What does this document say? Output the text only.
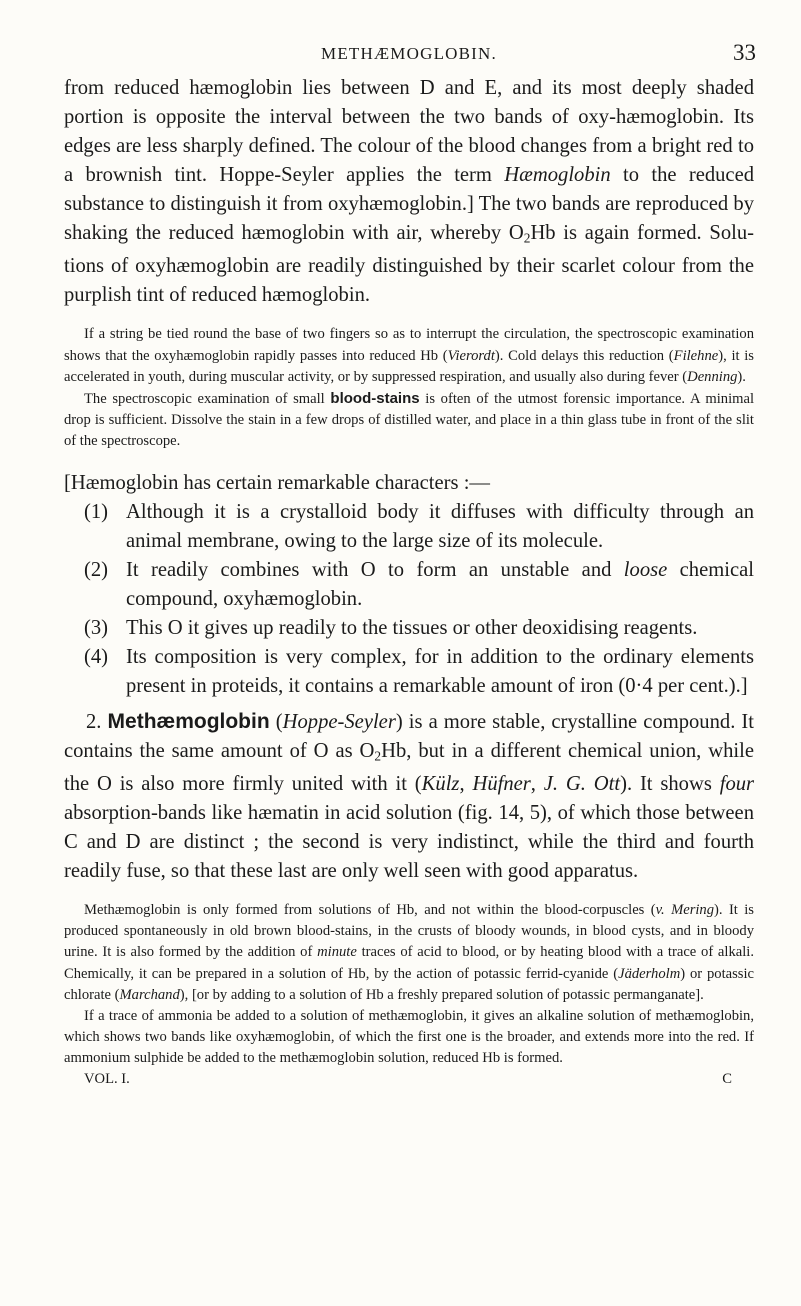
METHÆMOGLOBIN.	33

from reduced hæmoglobin lies between D and E, and its most deeply shaded portion is opposite the interval between the two bands of oxy-hæmoglobin. Its edges are less sharply defined. The colour of the blood changes from a bright red to a brownish tint. Hoppe-Seyler applies the term Hæmoglobin to the reduced substance to distinguish it from oxyhæmoglobin.] The two bands are reproduced by shaking the reduced hæmoglobin with air, whereby $O_2Hb$ is again formed. Solu-tions of oxyhæmoglobin are readily distinguished by their scarlet colour from the purplish tint of reduced hæmoglobin.

If a string be tied round the base of two fingers so as to interrupt the circulation, the spectroscopic examination shows that the oxyhæmoglobin rapidly passes into reduced Hb (Vierordt). Cold delays this reduction (Filehne), it is accelerated in youth, during muscular activity, or by suppressed respiration, and usually also during fever (Denning).

The spectroscopic examination of small blood-stains is often of the utmost forensic importance. A minimal drop is sufficient. Dissolve the stain in a few drops of distilled water, and place in a thin glass tube in front of the slit of the spectroscope.

[Hæmoglobin has certain remarkable characters :—

(1) Although it is a crystalloid body it diffuses with difficulty through an animal membrane, owing to the large size of its molecule.
(2) It readily combines with O to form an unstable and loose chemical compound, oxyhæmoglobin.
(3) This O it gives up readily to the tissues or other deoxidising reagents.
(4) Its composition is very complex, for in addition to the ordinary elements present in proteids, it contains a remarkable amount of iron (0·4 per cent.).]

2. Methæmoglobin (Hoppe-Seyler) is a more stable, crystalline compound. It contains the same amount of O as $O_2Hb$, but in a different chemical union, while the O is also more firmly united with it (Külz, Hüfner, J. G. Ott). It shows four absorption-bands like hæmatin in acid solution (fig. 14, 5), of which those between C and D are distinct ; the second is very indistinct, while the third and fourth readily fuse, so that these last are only well seen with good apparatus.

Methæmoglobin is only formed from solutions of Hb, and not within the blood-corpuscles (v. Mering). It is produced spontaneously in old brown blood-stains, in the crusts of bloody wounds, in blood cysts, and in bloody urine. It is also formed by the addition of minute traces of acid to blood, or by heating blood with a trace of alkali. Chemically, it can be prepared in a solution of Hb, by the action of potassic ferrid-cyanide (Jäderholm) or potassic chlorate (Marchand), [or by adding to a solution of Hb a freshly prepared solution of potassic permanganate].

If a trace of ammonia be added to a solution of methæmoglobin, it gives an alkaline solution of methæmoglobin, which shows two bands like oxyhæmoglobin, of which the first one is the broader, and extends more into the red. If ammonium sulphide be added to the methæmoglobin solution, reduced Hb is formed.

VOL. I.	C
